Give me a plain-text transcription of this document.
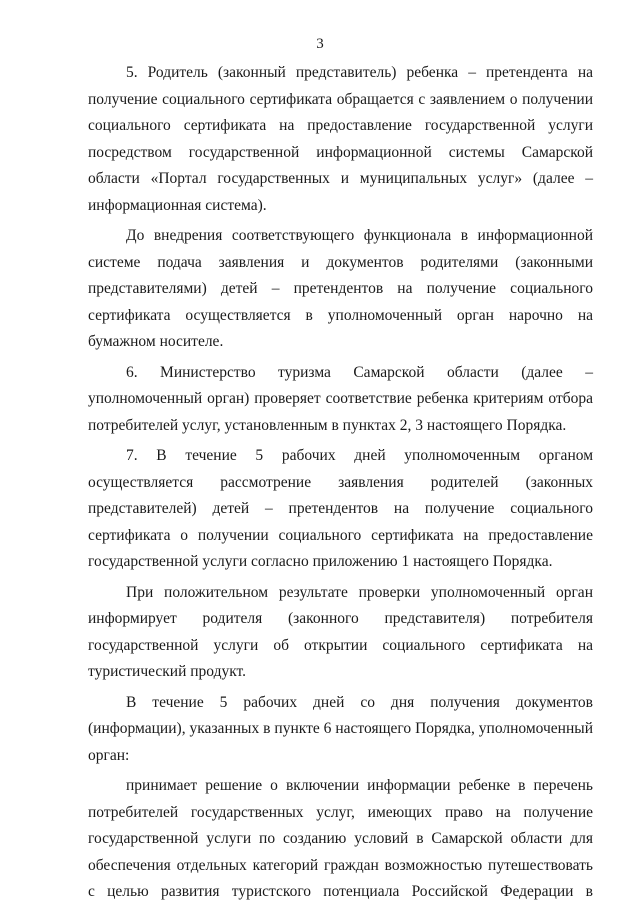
3

5. Родитель (законный представитель) ребенка – претендента на получение социального сертификата обращается с заявлением о получении социального сертификата на предоставление государственной услуги посредством государственной информационной системы Самарской области «Портал государственных и муниципальных услуг» (далее – информационная система).

До внедрения соответствующего функционала в информационной системе подача заявления и документов родителями (законными представителями) детей – претендентов на получение социального сертификата осуществляется в уполномоченный орган нарочно на бумажном носителе.

6. Министерство туризма Самарской области (далее – уполномоченный орган) проверяет соответствие ребенка критериям отбора потребителей услуг, установленным в пунктах 2, 3 настоящего Порядка.

7. В течение 5 рабочих дней уполномоченным органом осуществляется рассмотрение заявления родителей (законных представителей) детей – претендентов на получение социального сертификата о получении социального сертификата на предоставление государственной услуги согласно приложению 1 настоящего Порядка.

При положительном результате проверки уполномоченный орган информирует родителя (законного представителя) потребителя государственной услуги об открытии социального сертификата на туристический продукт.

В течение 5 рабочих дней со дня получения документов (информации), указанных в пункте 6 настоящего Порядка, уполномоченный орган:

принимает решение о включении информации ребенке в перечень потребителей государственных услуг, имеющих право на получение государственной услуги по созданию условий в Самарской области для обеспечения отдельных категорий граждан возможностью путешествовать с целью развития туристского потенциала Российской Федерации в
